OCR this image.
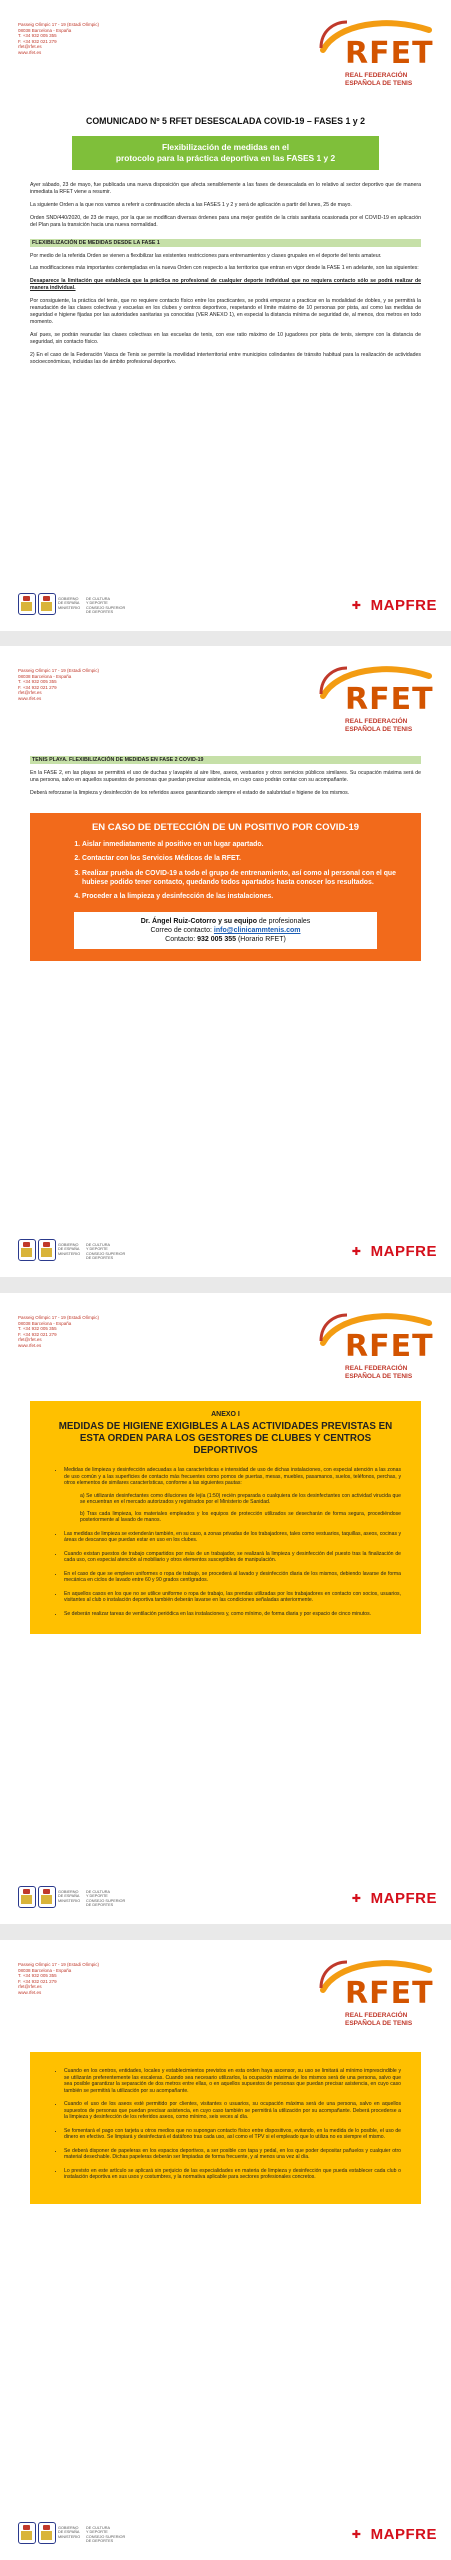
Passeig Olímpic 17 - 19 (Estadi Olímpic)
08038 Barcelona - España
T. +34 932 005 355
F. +34 932 021 279
rfet@rfet.es
www.rfet.es	RFET
REAL FEDERACIÓN
ESPAÑOLA DE TENIS
COMUNICADO Nº 5 RFET DESESCALADA COVID-19 – FASES 1 y 2
Flexibilización de medidas en el
protocolo para la práctica deportiva en las FASES 1 y 2

Ayer sábado, 23 de mayo, fue publicada una nueva disposición que afecta sensiblemente a las fases de desescalada en lo relativo al sector deportivo que de manera inmediata la RFET viene a resumir.

La siguiente Orden a la que nos vamos a referir a continuación afecta a las FASES 1 y 2 y será de aplicación a partir del lunes, 25 de mayo.

Orden SND/440/2020, de 23 de mayo, por la que se modifican diversas órdenes para una mejor gestión de la crisis sanitaria ocasionada por el COVID-19 en aplicación del Plan para la transición hacia una nueva normalidad.

FLEXIBILIZACIÓN DE MEDIDAS DESDE LA FASE 1

Por medio de la referida Orden se vienen a flexibilizar las existentes restricciones para entrenamientos y clases grupales en el deporte del tenis amateur.

Las modificaciones más importantes contempladas en la nueva Orden con respecto a las territorios que entran en vigor desde la FASE 1 en adelante, son las siguientes:

Desaparece la limitación que establecía que la práctica no profesional de cualquier deporte individual que no requiera contacto sólo se podrá realizar de manera individual.

Por consiguiente, la práctica del tenis, que no requiere contacto físico entre los practicantes, se podrá empezar a practicar en la modalidad de dobles, y se permitirá la reanudación de las clases colectivas y escuelas en los clubes y centros deportivos, respetando el límite máximo de 10 personas por pista, así como las medidas de seguridad e higiene fijadas por las autoridades sanitarias ya conocidas (VER ANEXO 1), en especial la distancia mínima de seguridad de, al menos, dos metros en todo momento.

Así pues, se podrán reanudar las clases colectivas en las escuelas de tenis, con ese ratio máximo de 10 jugadores por pista de tenis, siempre con la distancia de seguridad, sin contacto físico.

2) En el caso de la Federación Vasca de Tenis se permite la movilidad interterritorial entre municipios colindantes de tránsito habitual para la realización de actividades socioeconómicas, incluidas las de ámbito profesional deportivo.

GOBIERNO
DE ESPAÑA
MINISTERIO
DE CULTURA
Y DEPORTE
CONSEJO SUPERIOR
DE DEPORTES
✚ MAPFRE
Passeig Olímpic 17 - 19 (Estadi Olímpic)
08038 Barcelona - España
T. +34 932 005 355
F. +34 932 021 279
rfet@rfet.es
www.rfet.es	RFET
REAL FEDERACIÓN
ESPAÑOLA DE TENIS
TENIS PLAYA. FLEXIBILIZACIÓN DE MEDIDAS EN FASE 2 COVID-19

En la FASE 2, en las playas se permitirá el uso de duchas y lavapiés al aire libre, aseos, vestuarios y otros servicios públicos similares. Su ocupación máxima será de una persona, salvo en aquellos supuestos de personas que puedan precisar asistencia, en cuyo caso podrán contar con su acompañante.

Deberá reforzarse la limpieza y desinfección de los referidos aseos garantizando siempre el estado de salubridad e higiene de los mismos.

EN CASO DE DETECCIÓN DE UN POSITIVO POR COVID-19
1. Aislar inmediatamente al positivo en un lugar apartado.
2. Contactar con los Servicios Médicos de la RFET.
3. Realizar prueba de COVID-19 a todo el grupo de entrenamiento, así como al personal con el que hubiese podido tener contacto, quedando todos apartados hasta conocer los resultados.
4. Proceder a la limpieza y desinfección de las instalaciones.
Dr. Ángel Ruiz-Cotorro y su equipo de profesionales
Correo de contacto: info@clinicammtenis.com
Contacto: 932 005 355 (Horario RFET)
GOBIERNO
DE ESPAÑA
MINISTERIO
DE CULTURA
Y DEPORTE
CONSEJO SUPERIOR
DE DEPORTES
✚ MAPFRE
Passeig Olímpic 17 - 19 (Estadi Olímpic)
08038 Barcelona - España
T. +34 932 005 355
F. +34 932 021 279
rfet@rfet.es
www.rfet.es	RFET
REAL FEDERACIÓN
ESPAÑOLA DE TENIS
ANEXO I
MEDIDAS DE HIGIENE EXIGIBLES A LAS ACTIVIDADES PREVISTAS EN ESTA ORDEN PARA LOS GESTORES DE CLUBES Y CENTROS DEPORTIVOS
• Medidas de limpieza y desinfección adecuadas a las características e intensidad de uso de dichas instalaciones, con especial atención a las zonas de uso común y a las superficies de contacto más frecuentes como pomos de puertas, mesas, muebles, pasamanos, suelos, teléfonos, perchas, y otros elementos de similares características, conforme a las siguientes pautas:
a) Se utilizarán desinfectantes como diluciones de lejía (1:50) recién preparada o cualquiera de los desinfectantes con actividad virucida que se encuentran en el mercado autorizados y registrados por el Ministerio de Sanidad.
b) Tras cada limpieza, los materiales empleados y los equipos de protección utilizados se desecharán de forma segura, procediéndose posteriormente al lavado de manos.
• Las medidas de limpieza se extenderán también, en su caso, a zonas privadas de los trabajadores, tales como vestuarios, taquillas, aseos, cocinas y áreas de descanso que puedan estar en uso en los clubes.
• Cuando existan puestos de trabajo compartidos por más de un trabajador, se realizará la limpieza y desinfección del puesto tras la finalización de cada uso, con especial atención al mobiliario y otros elementos susceptibles de manipulación.
• En el caso de que se empleen uniformes o ropa de trabajo, se procederá al lavado y desinfección diaria de los mismos, debiendo lavarse de forma mecánica en ciclos de lavado entre 60 y 90 grados centígrados.
• En aquellos casos en los que no se utilice uniforme o ropa de trabajo, las prendas utilizadas por los trabajadores en contacto con socios, usuarios, visitantes al club o instalación deportiva también deberán lavarse en las condiciones señaladas anteriormente.
• Se deberán realizar tareas de ventilación periódica en las instalaciones y, como mínimo, de forma diaria y por espacio de cinco minutos.
GOBIERNO
DE ESPAÑA
MINISTERIO
DE CULTURA
Y DEPORTE
CONSEJO SUPERIOR
DE DEPORTES
✚ MAPFRE
Passeig Olímpic 17 - 19 (Estadi Olímpic)
08038 Barcelona - España
T. +34 932 005 355
F. +34 932 021 279
rfet@rfet.es
www.rfet.es	RFET
REAL FEDERACIÓN
ESPAÑOLA DE TENIS
• Cuando en los centros, entidades, locales y establecimientos previstos en esta orden haya ascensor, su uso se limitará al mínimo imprescindible y se utilizarán preferentemente las escaleras. Cuando sea necesario utilizarlos, la ocupación máxima de los mismos será de una persona, salvo que sea posible garantizar la separación de dos metros entre ellas, o en aquellos supuestos de personas que puedan precisar asistencia, en cuyo caso también se permitirá la utilización por su acompañante.
• Cuando el uso de los aseos esté permitido por clientes, visitantes o usuarios, su ocupación máxima será de una persona, salvo en aquellos supuestos de personas que puedan precisar asistencia, en cuyo caso también se permitirá la utilización por su acompañante. Deberá procederse a la limpieza y desinfección de los referidos aseos, como mínimo, seis veces al día.
• Se fomentará el pago con tarjeta u otros medios que no supongan contacto físico entre dispositivos, evitando, en la medida de lo posible, el uso de dinero en efectivo. Se limpiará y desinfectará el datáfono tras cada uso, así como el TPV si el empleado que lo utiliza no es siempre el mismo.
• Se deberá disponer de papeleras en los espacios deportivos, a ser posible con tapa y pedal, en los que poder depositar pañuelos y cualquier otro material desechable. Dichas papeleras deberán ser limpiadas de forma frecuente, y al menos una vez al día.
• Lo previsto en este artículo se aplicará sin perjuicio de las especialidades en materia de limpieza y desinfección que pueda establecer cada club o instalación deportiva en sus usos y costumbres, y la normativa aplicable para sectores profesionales concretos.
GOBIERNO
DE ESPAÑA
MINISTERIO
DE CULTURA
Y DEPORTE
CONSEJO SUPERIOR
DE DEPORTES
✚ MAPFRE
